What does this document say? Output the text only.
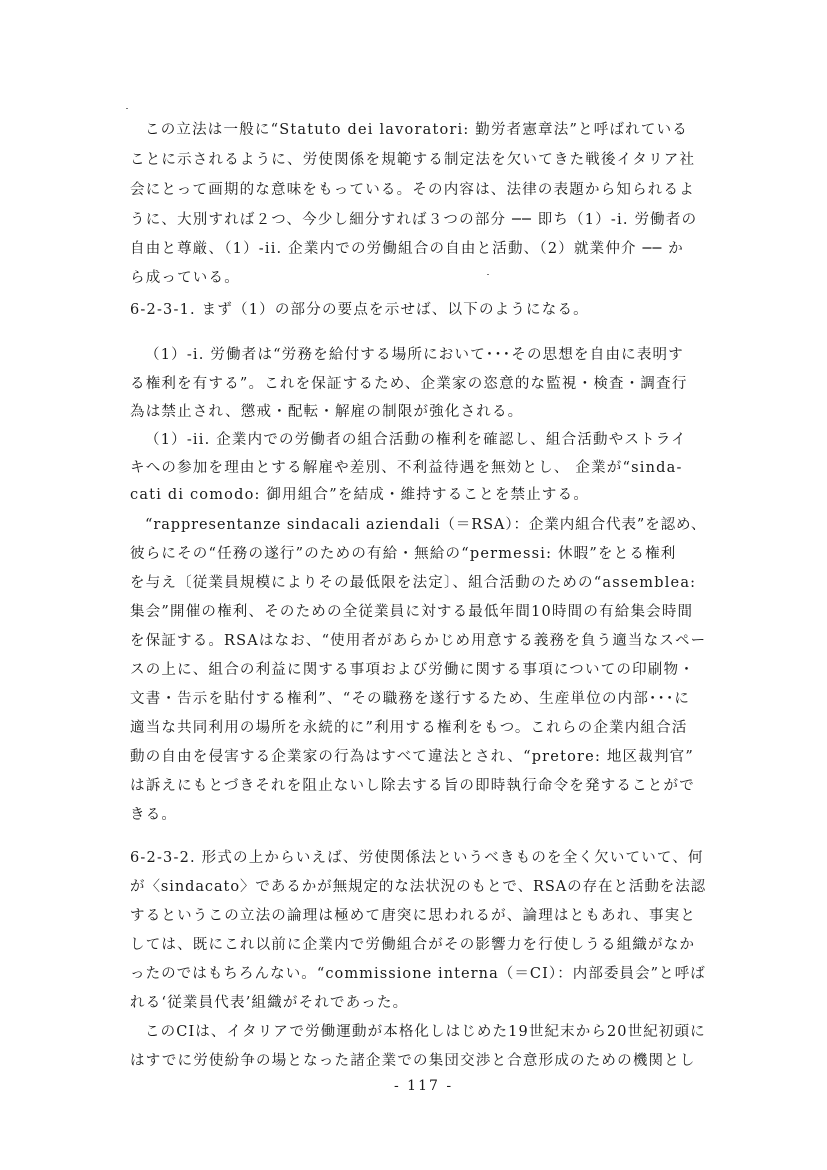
この立法は一般に“Statuto dei lavoratori: 勤労者憲章法”と呼ばれている
ことに示されるように、労使関係を規範する制定法を欠いてきた戦後イタリア社
会にとって画期的な意味をもっている。その内容は、法律の表題から知られるよ
うに、大別すれば２つ、今少し細分すれば３つの部分 ── 即ち（1）-i. 労働者の
自由と尊厳、（1）-ii. 企業内での労働組合の自由と活動、（2）就業仲介 ── か
ら成っている。
6-2-3-1. まず（1）の部分の要点を示せば、以下のようになる。
（1）-i. 労働者は“労務を給付する場所において･･･その思想を自由に表明す
る権利を有する”。これを保証するため、企業家の恣意的な監視・検査・調査行
為は禁止され、懲戒・配転・解雇の制限が強化される。
（1）-ii. 企業内での労働者の組合活動の権利を確認し、組合活動やストライ
キへの参加を理由とする解雇や差別、不利益待遇を無効とし、 企業が“sinda-
cati di comodo: 御用組合”を結成・維持することを禁止する。
“rappresentanze sindacali aziendali（＝RSA）：企業内組合代表”を認め、
彼らにその“任務の遂行”のための有給・無給の“permessi: 休暇”をとる権利
を与え〔従業員規模によりその最低限を法定〕、組合活動のための“assemblea:
集会”開催の権利、そのための全従業員に対する最低年間10時間の有給集会時間
を保証する。RSAはなお、“使用者があらかじめ用意する義務を負う適当なスペー
スの上に、組合の利益に関する事項および労働に関する事項についての印刷物・
文書・告示を貼付する権利”、“その職務を遂行するため、生産単位の内部･･･に
適当な共同利用の場所を永続的に”利用する権利をもつ。これらの企業内組合活
動の自由を侵害する企業家の行為はすべて違法とされ、“pretore: 地区裁判官”
は訴えにもとづきそれを阻止ないし除去する旨の即時執行命令を発することがで
きる。
6-2-3-2. 形式の上からいえば、労使関係法というべきものを全く欠いていて、何
が〈sindacato〉であるかが無規定的な法状況のもとで、RSAの存在と活動を法認
するというこの立法の論理は極めて唐突に思われるが、論理はともあれ、事実と
しては、既にこれ以前に企業内で労働組合がその影響力を行使しうる組織がなか
ったのではもちろんない。“commissione interna（＝CI）：内部委員会”と呼ば
れる‘従業員代表’組織がそれであった。
このCIは、イタリアで労働運動が本格化しはじめた19世紀末から20世紀初頭に
はすでに労使紛争の場となった諸企業での集団交渉と合意形成のための機関とし
- 117 -
